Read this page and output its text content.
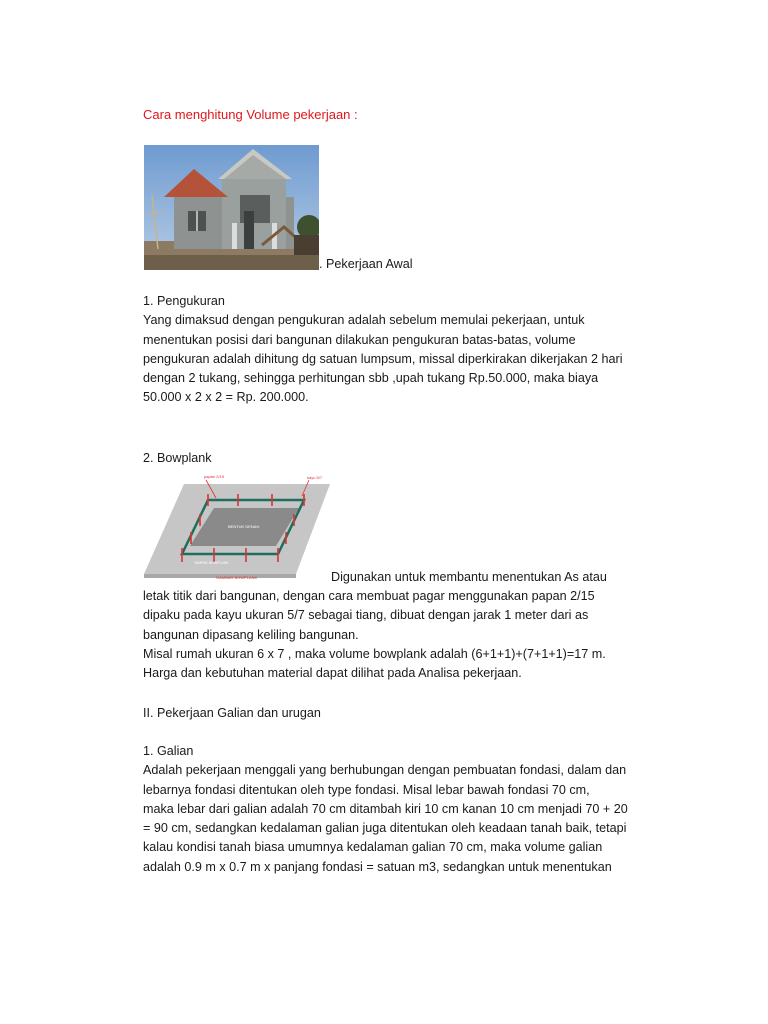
Cara menghitung Volume pekerjaan :
. Pekerjaan Awal
1. Pengukuran
Yang dimaksud dengan pengukuran adalah sebelum memulai pekerjaan, untuk
menentukan posisi dari bangunan dilakukan pengukuran batas-batas, volume
pengukuran adalah dihitung dg satuan lumpsum, missal diperkirakan dikerjakan 2 hari
dengan 2 tukang, sehingga perhitungan sbb ,upah tukang Rp.50.000, maka biaya
50.000 x 2 x 2 = Rp. 200.000.
2. Bowplank
papan 2/15	kayu 5/7
BENTUK DENAH
TAMPAK BOWPLANK
GAMBAR BOWPLANK	Digunakan untuk membantu menentukan As atau
letak titik dari bangunan, dengan cara membuat pagar menggunakan papan 2/15
dipaku pada kayu ukuran 5/7 sebagai tiang, dibuat dengan jarak 1 meter dari as
bangunan dipasang keliling bangunan.
Misal rumah ukuran 6 x 7 , maka volume bowplank adalah (6+1+1)+(7+1+1)=17 m.
Harga dan kebutuhan material dapat dilihat pada Analisa pekerjaan.
II. Pekerjaan Galian dan urugan
1. Galian
Adalah pekerjaan menggali yang berhubungan dengan pembuatan fondasi, dalam dan
lebarnya fondasi ditentukan oleh type fondasi. Misal lebar bawah fondasi 70 cm,
maka lebar dari galian adalah 70 cm ditambah kiri 10 cm kanan 10 cm menjadi 70 + 20
= 90 cm, sedangkan kedalaman galian juga ditentukan oleh keadaan tanah baik, tetapi
kalau kondisi tanah biasa umumnya kedalaman galian 70 cm, maka volume galian
adalah 0.9 m x 0.7 m x panjang fondasi = satuan m3, sedangkan untuk menentukan
